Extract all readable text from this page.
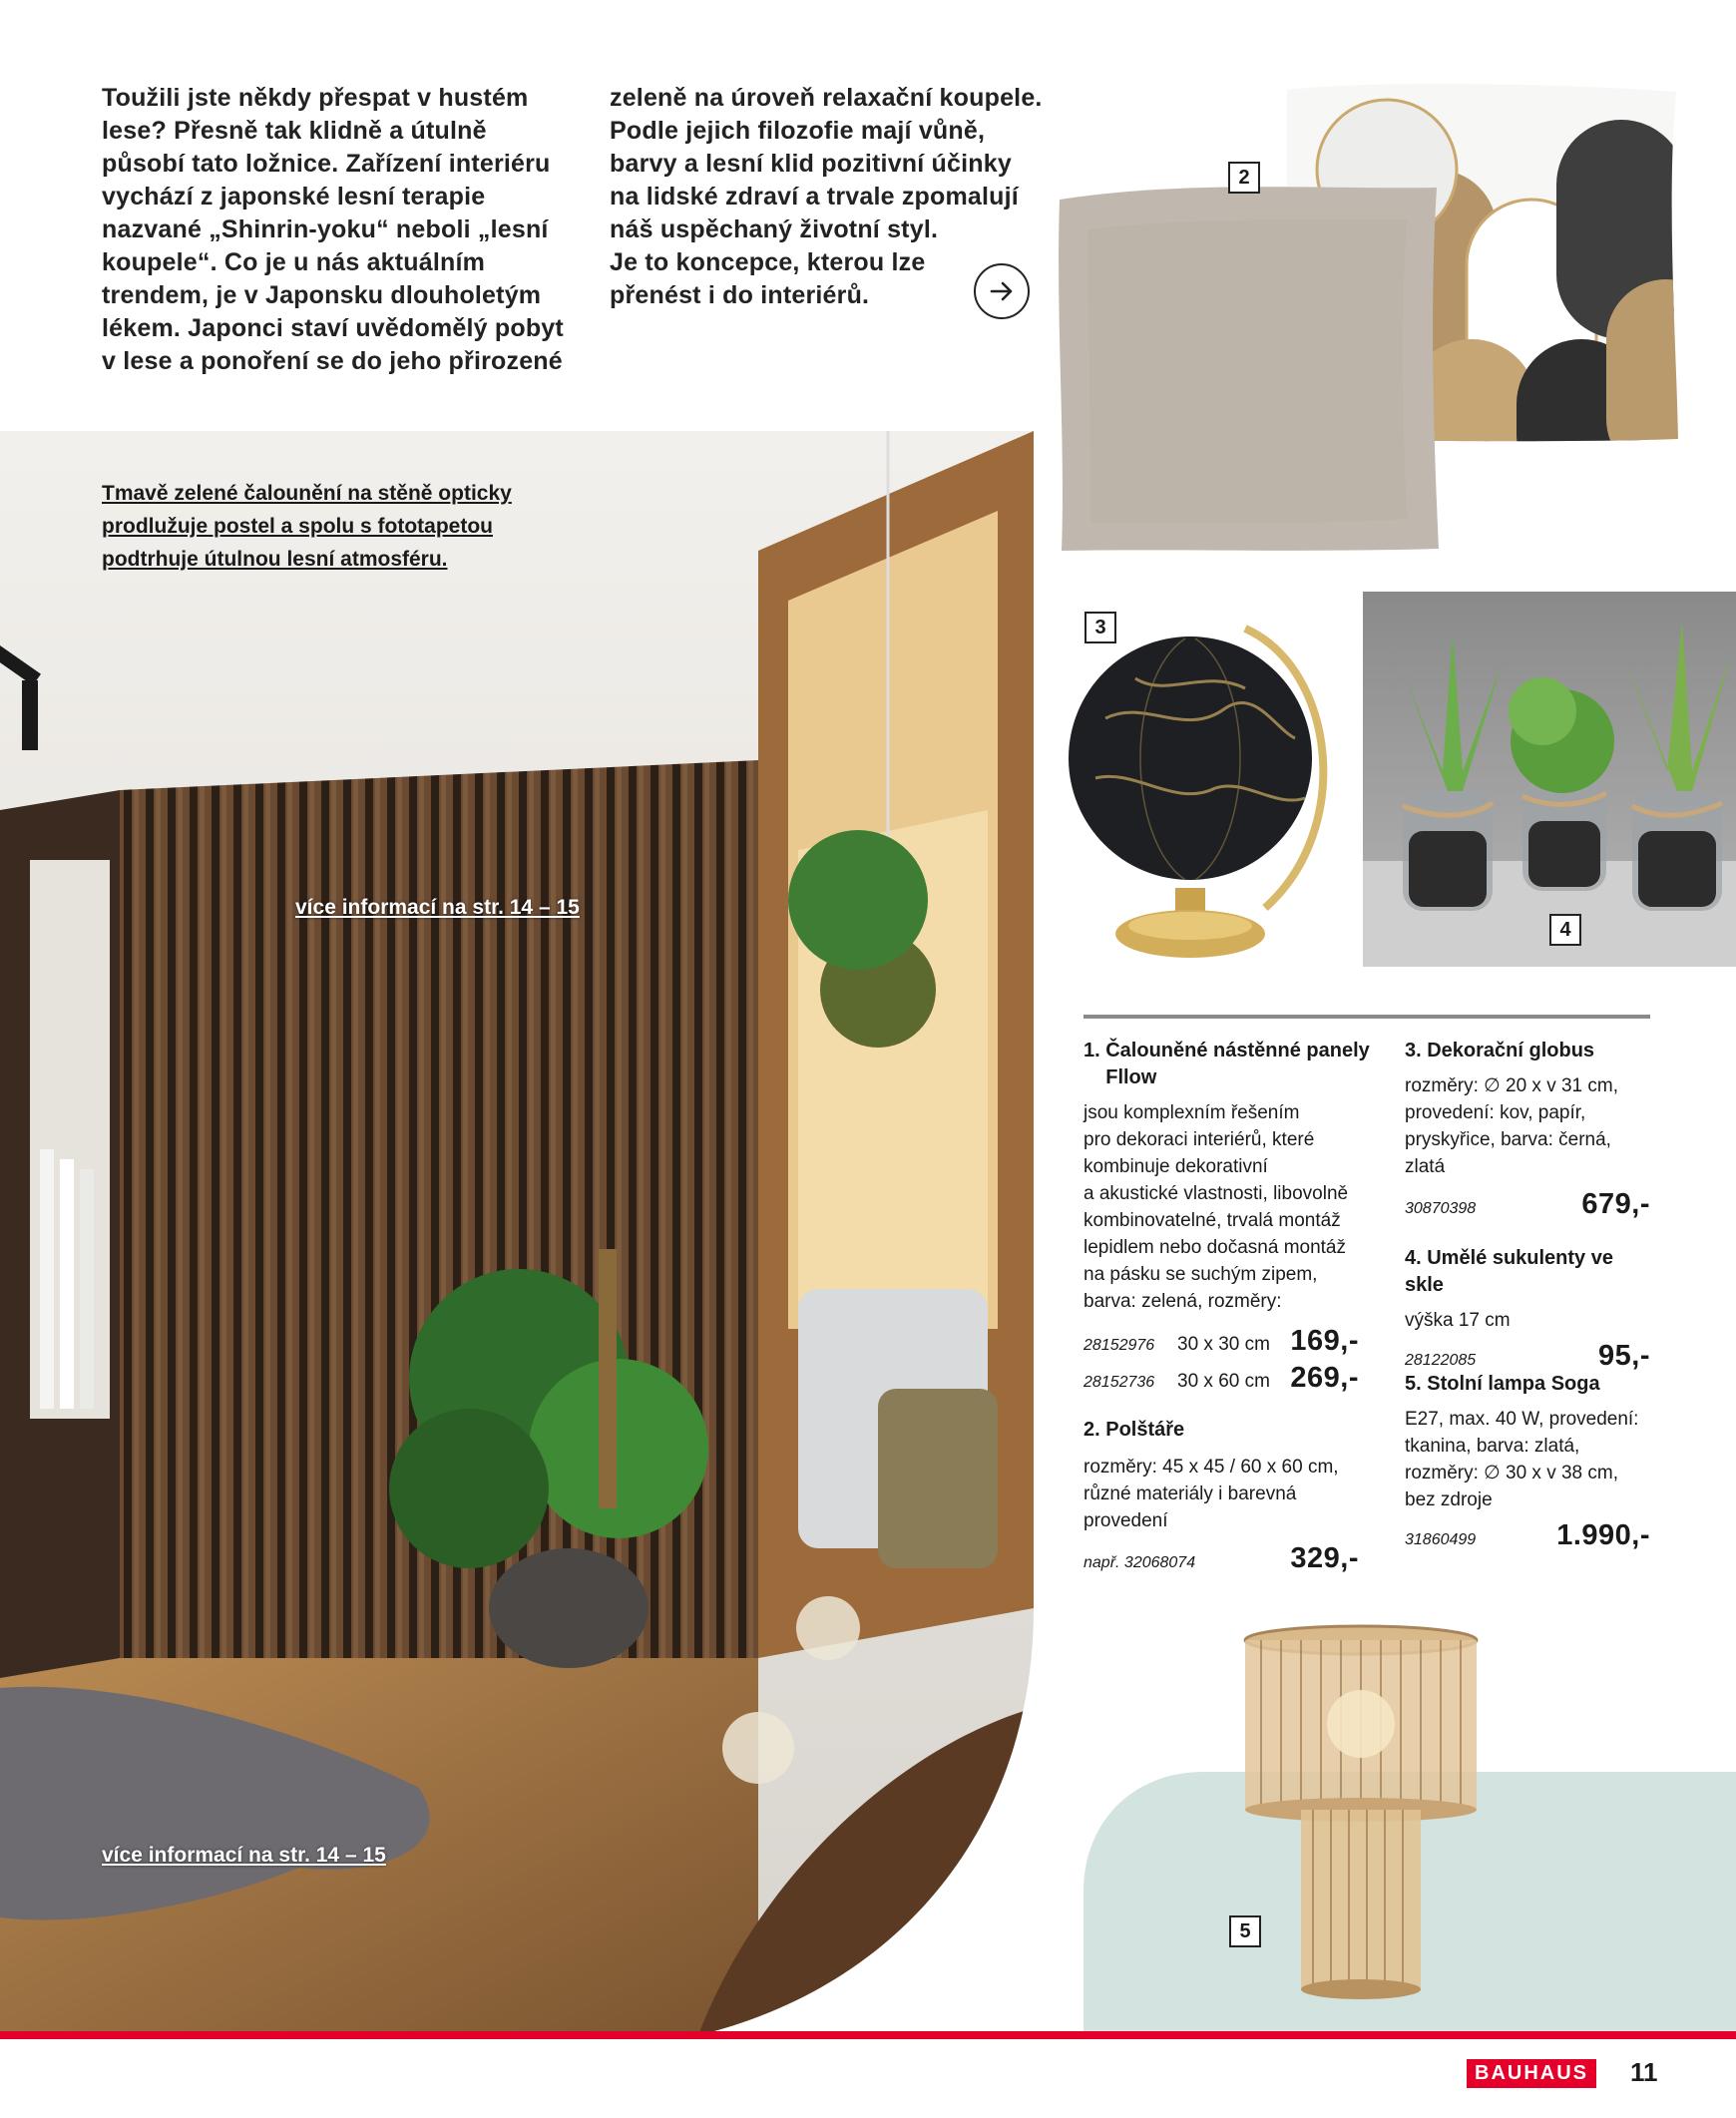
Toužili jste někdy přespat v hustém
lese? Přesně tak klidně a útulně
působí tato ložnice. Zařízení interiéru
vychází z japonské lesní terapie
nazvané „Shinrin-yoku“ neboli „lesní
koupele“. Co je u nás aktuálním
trendem, je v Japonsku dlouholetým
lékem. Japonci staví uvědomělý pobyt
v lese a ponoření se do jeho přirozené
zeleně na úroveň relaxační koupele.
Podle jejich filozofie mají vůně,
barvy a lesní klid pozitivní účinky
na lidské zdraví a trvale zpomalují
náš uspěchaný životní styl.
Je to koncepce, kterou lze
přenést i do interiérů.
Tmavě zelené čalounění na stěně opticky
prodlužuje postel a spolu s fototapetou
podtrhuje útulnou lesní atmosféru.
více informací na str. 14 – 15
více informací na str. 14 – 15
2
3
4
1. Čalouněné nástěnné panely
Fllow
jsou komplexním řešením
pro dekoraci interiérů, které
kombinuje dekorativní
a akustické vlastnosti, libovolně
kombinovatelné, trvalá montáž
lepidlem nebo dočasná montáž
na pásku se suchým zipem,
barva: zelená, rozměry:
28152976	30 x 30 cm 169,-
28152736	30 x 60 cm 269,-
2. Polštáře
rozměry: 45 x 45 / 60 x 60 cm,
různé materiály i barevná
provedení
např. 32068074	329,-
3. Dekorační globus
rozměry: ∅ 20 x v 31 cm,
provedení: kov, papír,
pryskyřice, barva: černá,
zlatá
30870398	679,-
4. Umělé sukulenty ve skle
výška 17 cm
28122085	95,-
5. Stolní lampa Soga
E27, max. 40 W, provedení:
tkanina, barva: zlatá,
rozměry: ∅ 30 x v 38 cm,
bez zdroje
31860499	1.990,-
5
BAUHAUS	11
